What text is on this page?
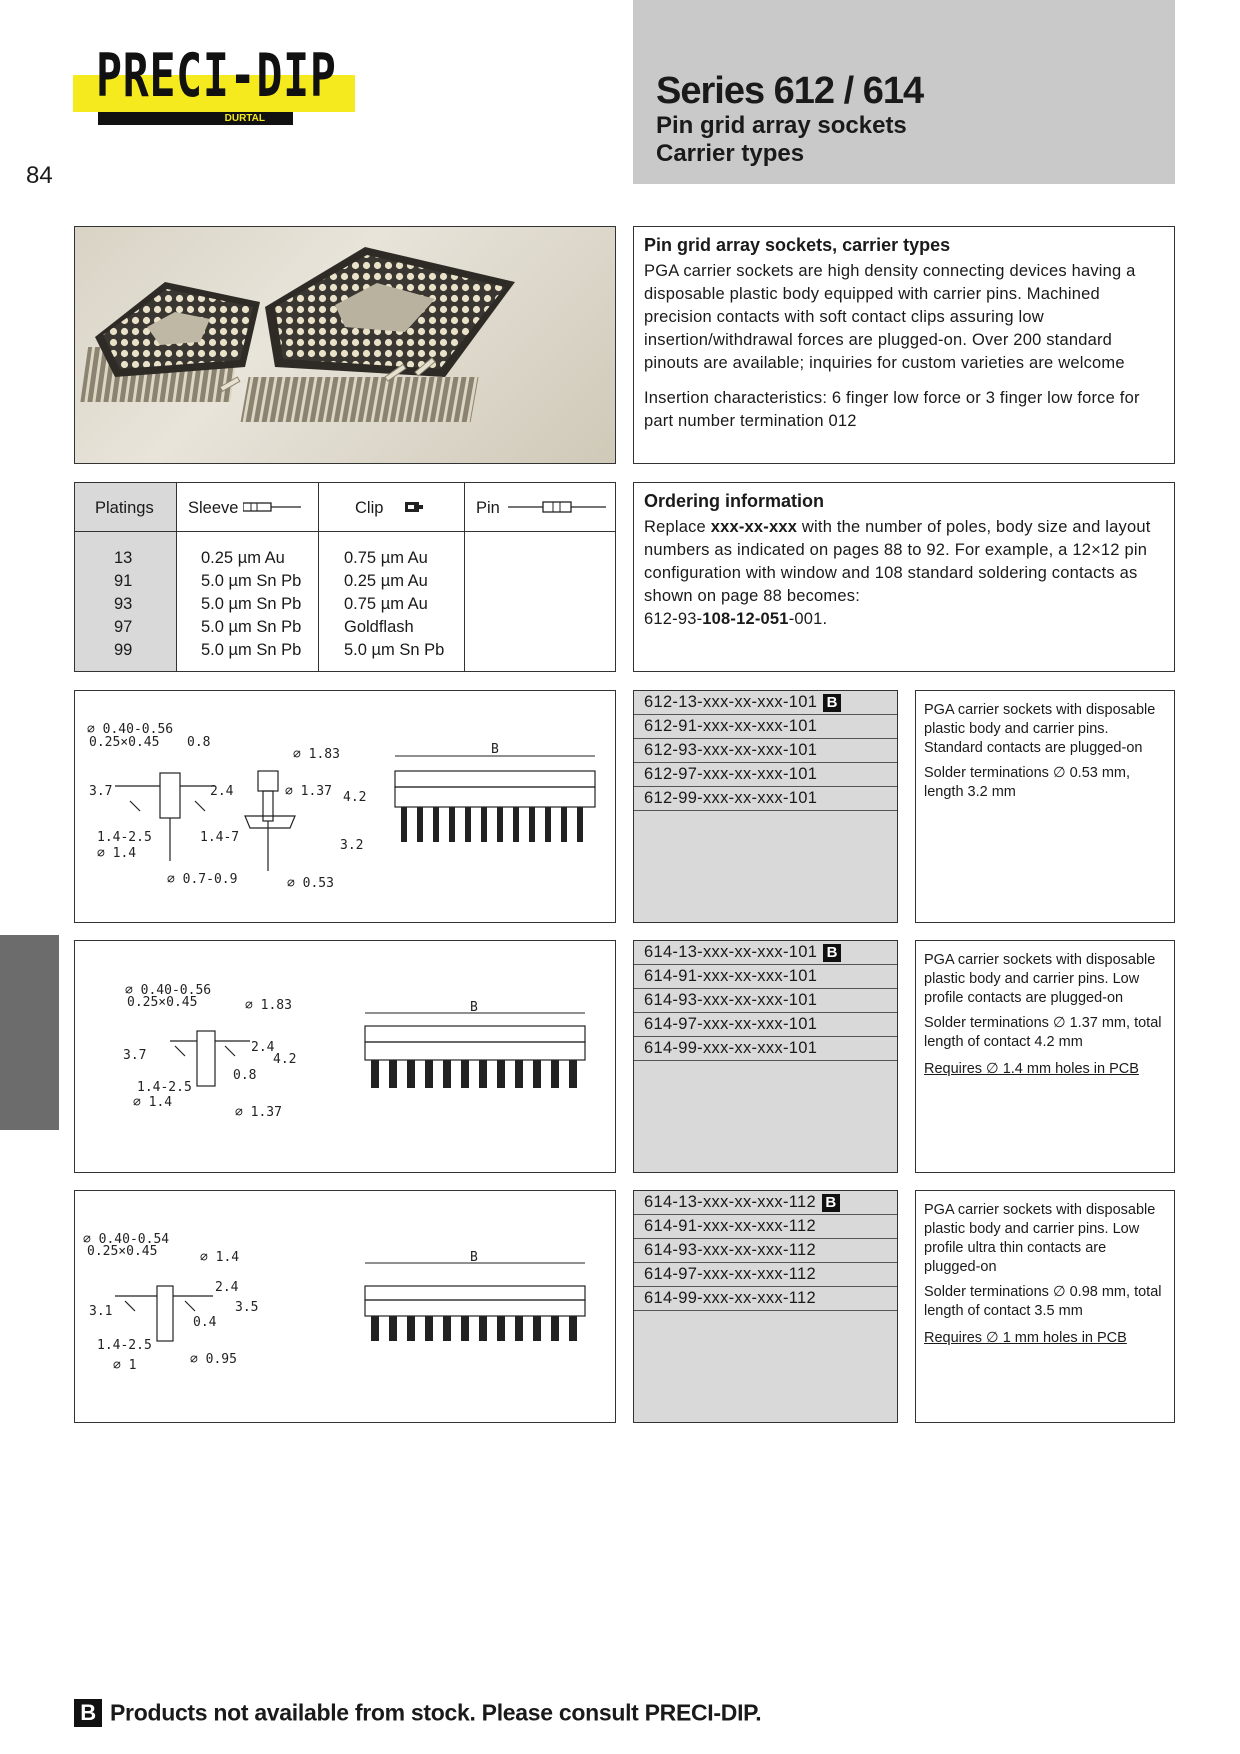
PRECI-DIP
DURTAL
84
Series 612 / 614
Pin grid array sockets
Carrier types
Pin grid array sockets, carrier types

PGA carrier sockets are high density connecting devices having a disposable plastic body equipped with carrier pins. Machined precision contacts with soft contact clips assuring low insertion/withdrawal forces are plugged-on. Over 200 standard pinouts are available; inquiries for custom varieties are welcome

Insertion characteristics: 6 finger low force or 3 finger low force for part number termination 012

Platings Sleeve	Clip	Pin
13	0.25 µm Au	0.75 µm Au
91	5.0 µm Sn Pb	0.25 µm Au
93	5.0 µm Sn Pb	0.75 µm Au
97	5.0 µm Sn Pb	Goldflash
99	5.0 µm Sn Pb	5.0 µm Sn Pb
Ordering information

Replace xxx-xx-xxx with the number of poles, body size and layout numbers as indicated on pages 88 to 92. For example, a 12×12 pin configuration with window and 108 standard soldering contacts as shown on page 88 becomes:

612-93-108-12-051-001.

∅ 0.40-0.56
0.25×0.45 0.8
∅ 1.83
3.7	2.4	∅ 1.37 4.2
1.4-2.5	1.4-7
∅ 1.4
3.2
∅ 0.7-0.9	∅ 0.53
B
612-13-xxx-xx-xxx-101 B
612-91-xxx-xx-xxx-101
612-93-xxx-xx-xxx-101
612-97-xxx-xx-xxx-101
612-99-xxx-xx-xxx-101

PGA carrier sockets with disposable plastic body and carrier pins. Standard contacts are plugged-on

Solder terminations ∅ 0.53 mm, length 3.2 mm

∅ 0.40-0.56
0.25×0.45	∅ 1.83
3.7
2.4
4.2
0.8
1.4-2.5
∅ 1.4
∅ 1.37
B
614-13-xxx-xx-xxx-101 B
614-91-xxx-xx-xxx-101
614-93-xxx-xx-xxx-101
614-97-xxx-xx-xxx-101
614-99-xxx-xx-xxx-101

PGA carrier sockets with disposable plastic body and carrier pins. Low profile contacts are plugged-on

Solder terminations ∅ 1.37 mm, total length of contact 4.2 mm

Requires ∅ 1.4 mm holes in PCB

∅ 0.40-0.54
0.25×0.45	∅ 1.4
2.4
3.1	3.5
0.4
1.4-2.5
∅ 1	∅ 0.95
B
614-13-xxx-xx-xxx-112 B
614-91-xxx-xx-xxx-112
614-93-xxx-xx-xxx-112
614-97-xxx-xx-xxx-112
614-99-xxx-xx-xxx-112

PGA carrier sockets with disposable plastic body and carrier pins. Low profile ultra thin contacts are plugged-on

Solder terminations ∅ 0.98 mm, total length of contact 3.5 mm

Requires ∅ 1 mm holes in PCB

B Products not available from stock. Please consult PRECI-DIP.
